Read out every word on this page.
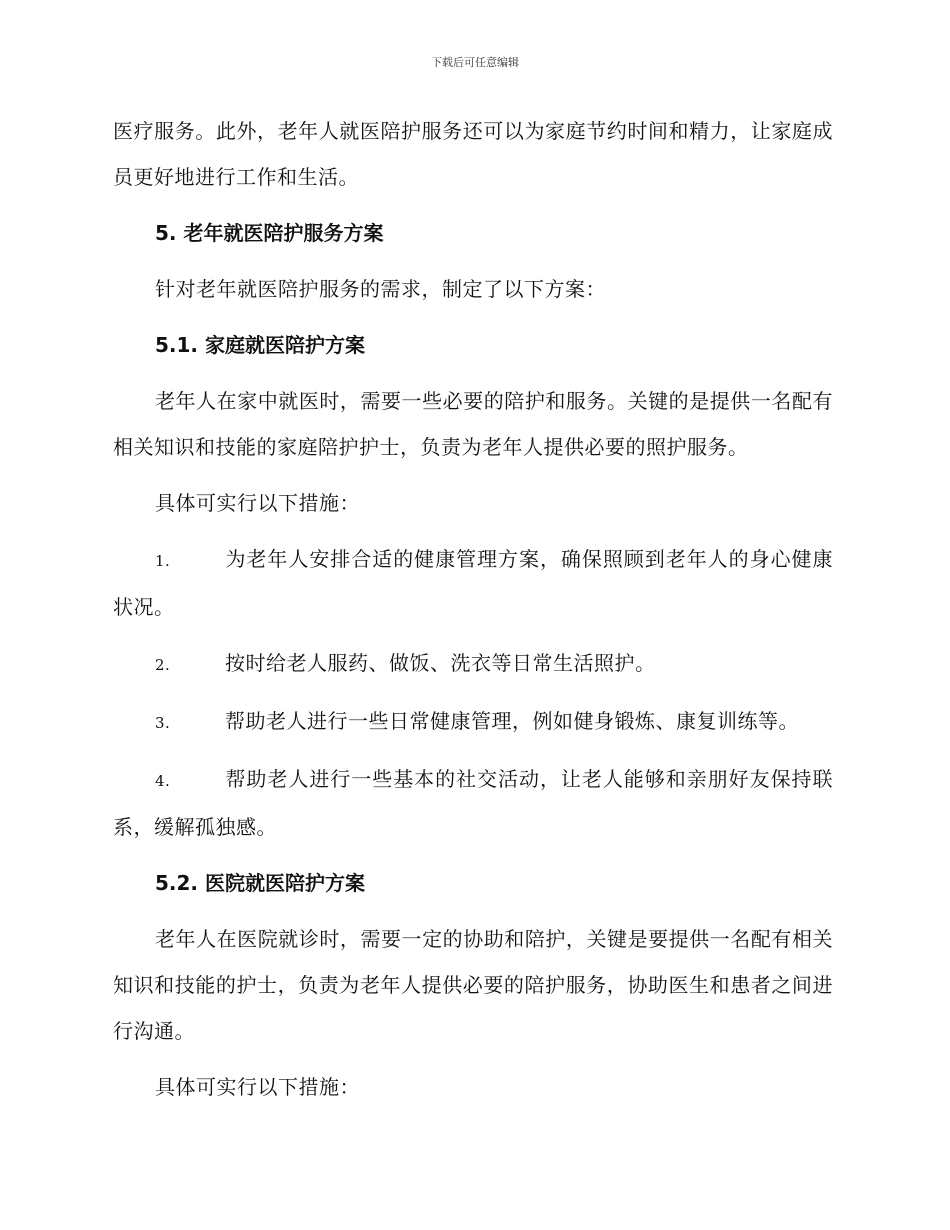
下载后可任意编辑

医疗服务。此外，老年人就医陪护服务还可以为家庭节约时间和精力，让家庭成员更好地进行工作和生活。

5. 老年就医陪护服务方案

针对老年就医陪护服务的需求，制定了以下方案：

5.1. 家庭就医陪护方案

老年人在家中就医时，需要一些必要的陪护和服务。关键的是提供一名配有相关知识和技能的家庭陪护护士，负责为老年人提供必要的照护服务。

具体可实行以下措施：

1.	为老年人安排合适的健康管理方案，确保照顾到老年人的身心健康状况。
2.	按时给老人服药、做饭、洗衣等日常生活照护。
3.	帮助老人进行一些日常健康管理，例如健身锻炼、康复训练等。
4.	帮助老人进行一些基本的社交活动，让老人能够和亲朋好友保持联系，缓解孤独感。
5.2. 医院就医陪护方案

老年人在医院就诊时，需要一定的协助和陪护，关键是要提供一名配有相关知识和技能的护士，负责为老年人提供必要的陪护服务，协助医生和患者之间进行沟通。

具体可实行以下措施：
